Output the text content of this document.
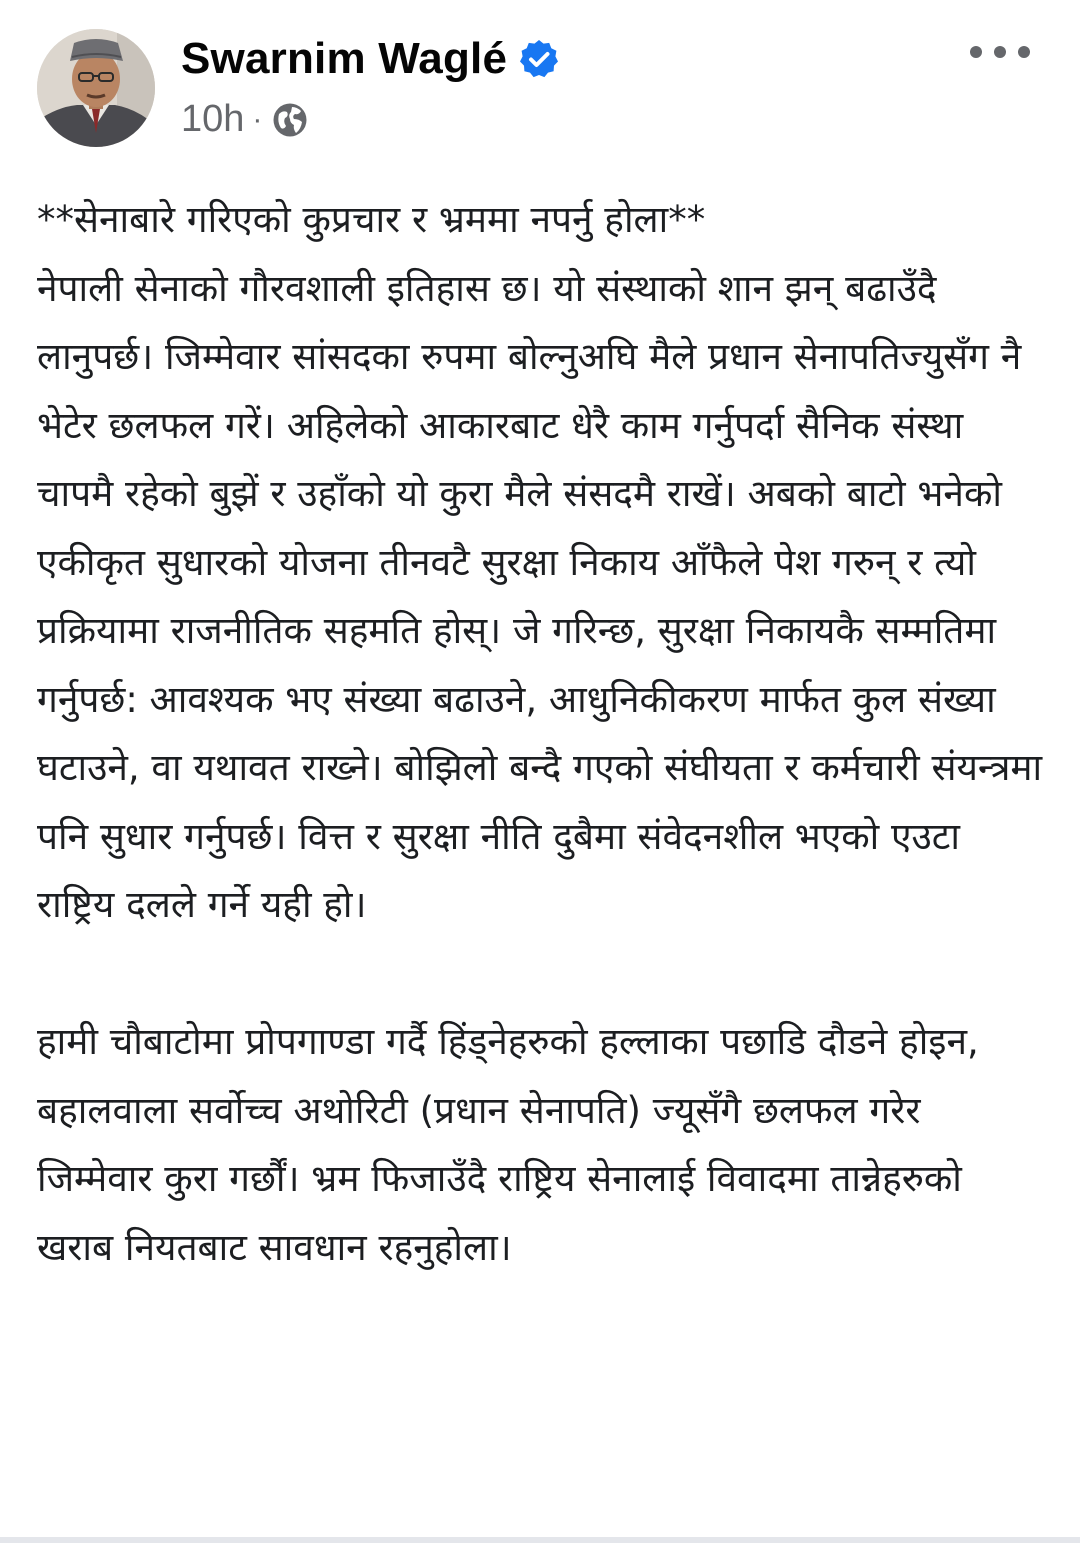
Swarnim Waglé
10h ·

**सेनाबारे गरिएको कुप्रचार र भ्रममा नपर्नु होला**

नेपाली सेनाको गौरवशाली इतिहास छ। यो संस्थाको शान झन् बढाउँदै लानुपर्छ। जिम्मेवार सांसदका रुपमा बोल्नुअघि मैले प्रधान सेनापतिज्युसँग नै भेटेर छलफल गरें। अहिलेको आकारबाट धेरै काम गर्नुपर्दा सैनिक संस्था चापमै रहेको बुझें र उहाँको यो कुरा मैले संसदमै राखें। अबको बाटो भनेको एकीकृत सुधारको योजना तीनवटै सुरक्षा निकाय आँफैले पेश गरुन् र त्यो प्रक्रियामा राजनीतिक सहमति होस्। जे गरिन्छ, सुरक्षा निकायकै सम्मतिमा गर्नुपर्छ: आवश्यक भए संख्या बढाउने, आधुनिकीकरण मार्फत कुल संख्या घटाउने, वा यथावत राख्ने। बोझिलो बन्दै गएको संघीयता र कर्मचारी संयन्त्रमा पनि सुधार गर्नुपर्छ। वित्त र सुरक्षा नीति दुबैमा संवेदनशील भएको एउटा राष्ट्रिय दलले गर्ने यही हो।

हामी चौबाटोमा प्रोपगाण्डा गर्दै हिंड्नेहरुको हल्लाका पछाडि दौडने होइन, बहालवाला सर्वोच्च अथोरिटी (प्रधान सेनापति) ज्यूसँगै छलफल गरेर जिम्मेवार कुरा गर्छौं। भ्रम फिजाउँदै राष्ट्रिय सेनालाई विवादमा तान्नेहरुको खराब नियतबाट सावधान रहनुहोला।
